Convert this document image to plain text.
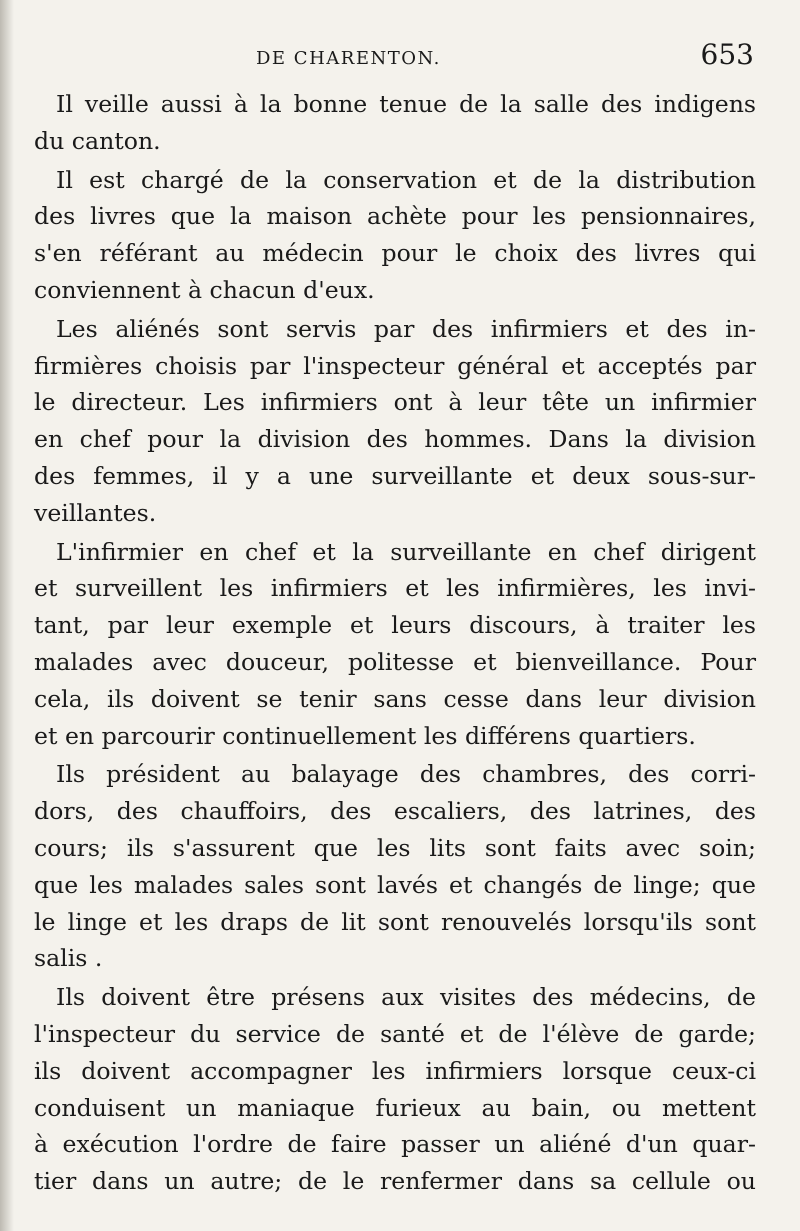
DE CHARENTON.	653
Il veille aussi à la bonne tenue de la salle des indigens
du canton.
Il est chargé de la conservation et de la distribution
des livres que la maison achète pour les pensionnaires,
s'en référant au médecin pour le choix des livres qui
conviennent à chacun d'eux.
Les aliénés sont servis par des infirmiers et des in-
firmières choisis par l'inspecteur général et acceptés par
le directeur. Les infirmiers ont à leur tête un infirmier
en chef pour la division des hommes. Dans la division
des femmes, il y a une surveillante et deux sous-sur-
veillantes.
L'infirmier en chef et la surveillante en chef dirigent
et surveillent les infirmiers et les infirmières, les invi-
tant, par leur exemple et leurs discours, à traiter les
malades avec douceur, politesse et bienveillance. Pour
cela, ils doivent se tenir sans cesse dans leur division
et en parcourir continuellement les différens quartiers.
Ils président au balayage des chambres, des corri-
dors, des chauffoirs, des escaliers, des latrines, des
cours; ils s'assurent que les lits sont faits avec soin;
que les malades sales sont lavés et changés de linge; que
le linge et les draps de lit sont renouvelés lorsqu'ils sont
salis .
Ils doivent être présens aux visites des médecins, de
l'inspecteur du service de santé et de l'élève de garde;
ils doivent accompagner les infirmiers lorsque ceux-ci
conduisent un maniaque furieux au bain, ou mettent
à exécution l'ordre de faire passer un aliéné d'un quar-
tier dans un autre; de le renfermer dans sa cellule ou
